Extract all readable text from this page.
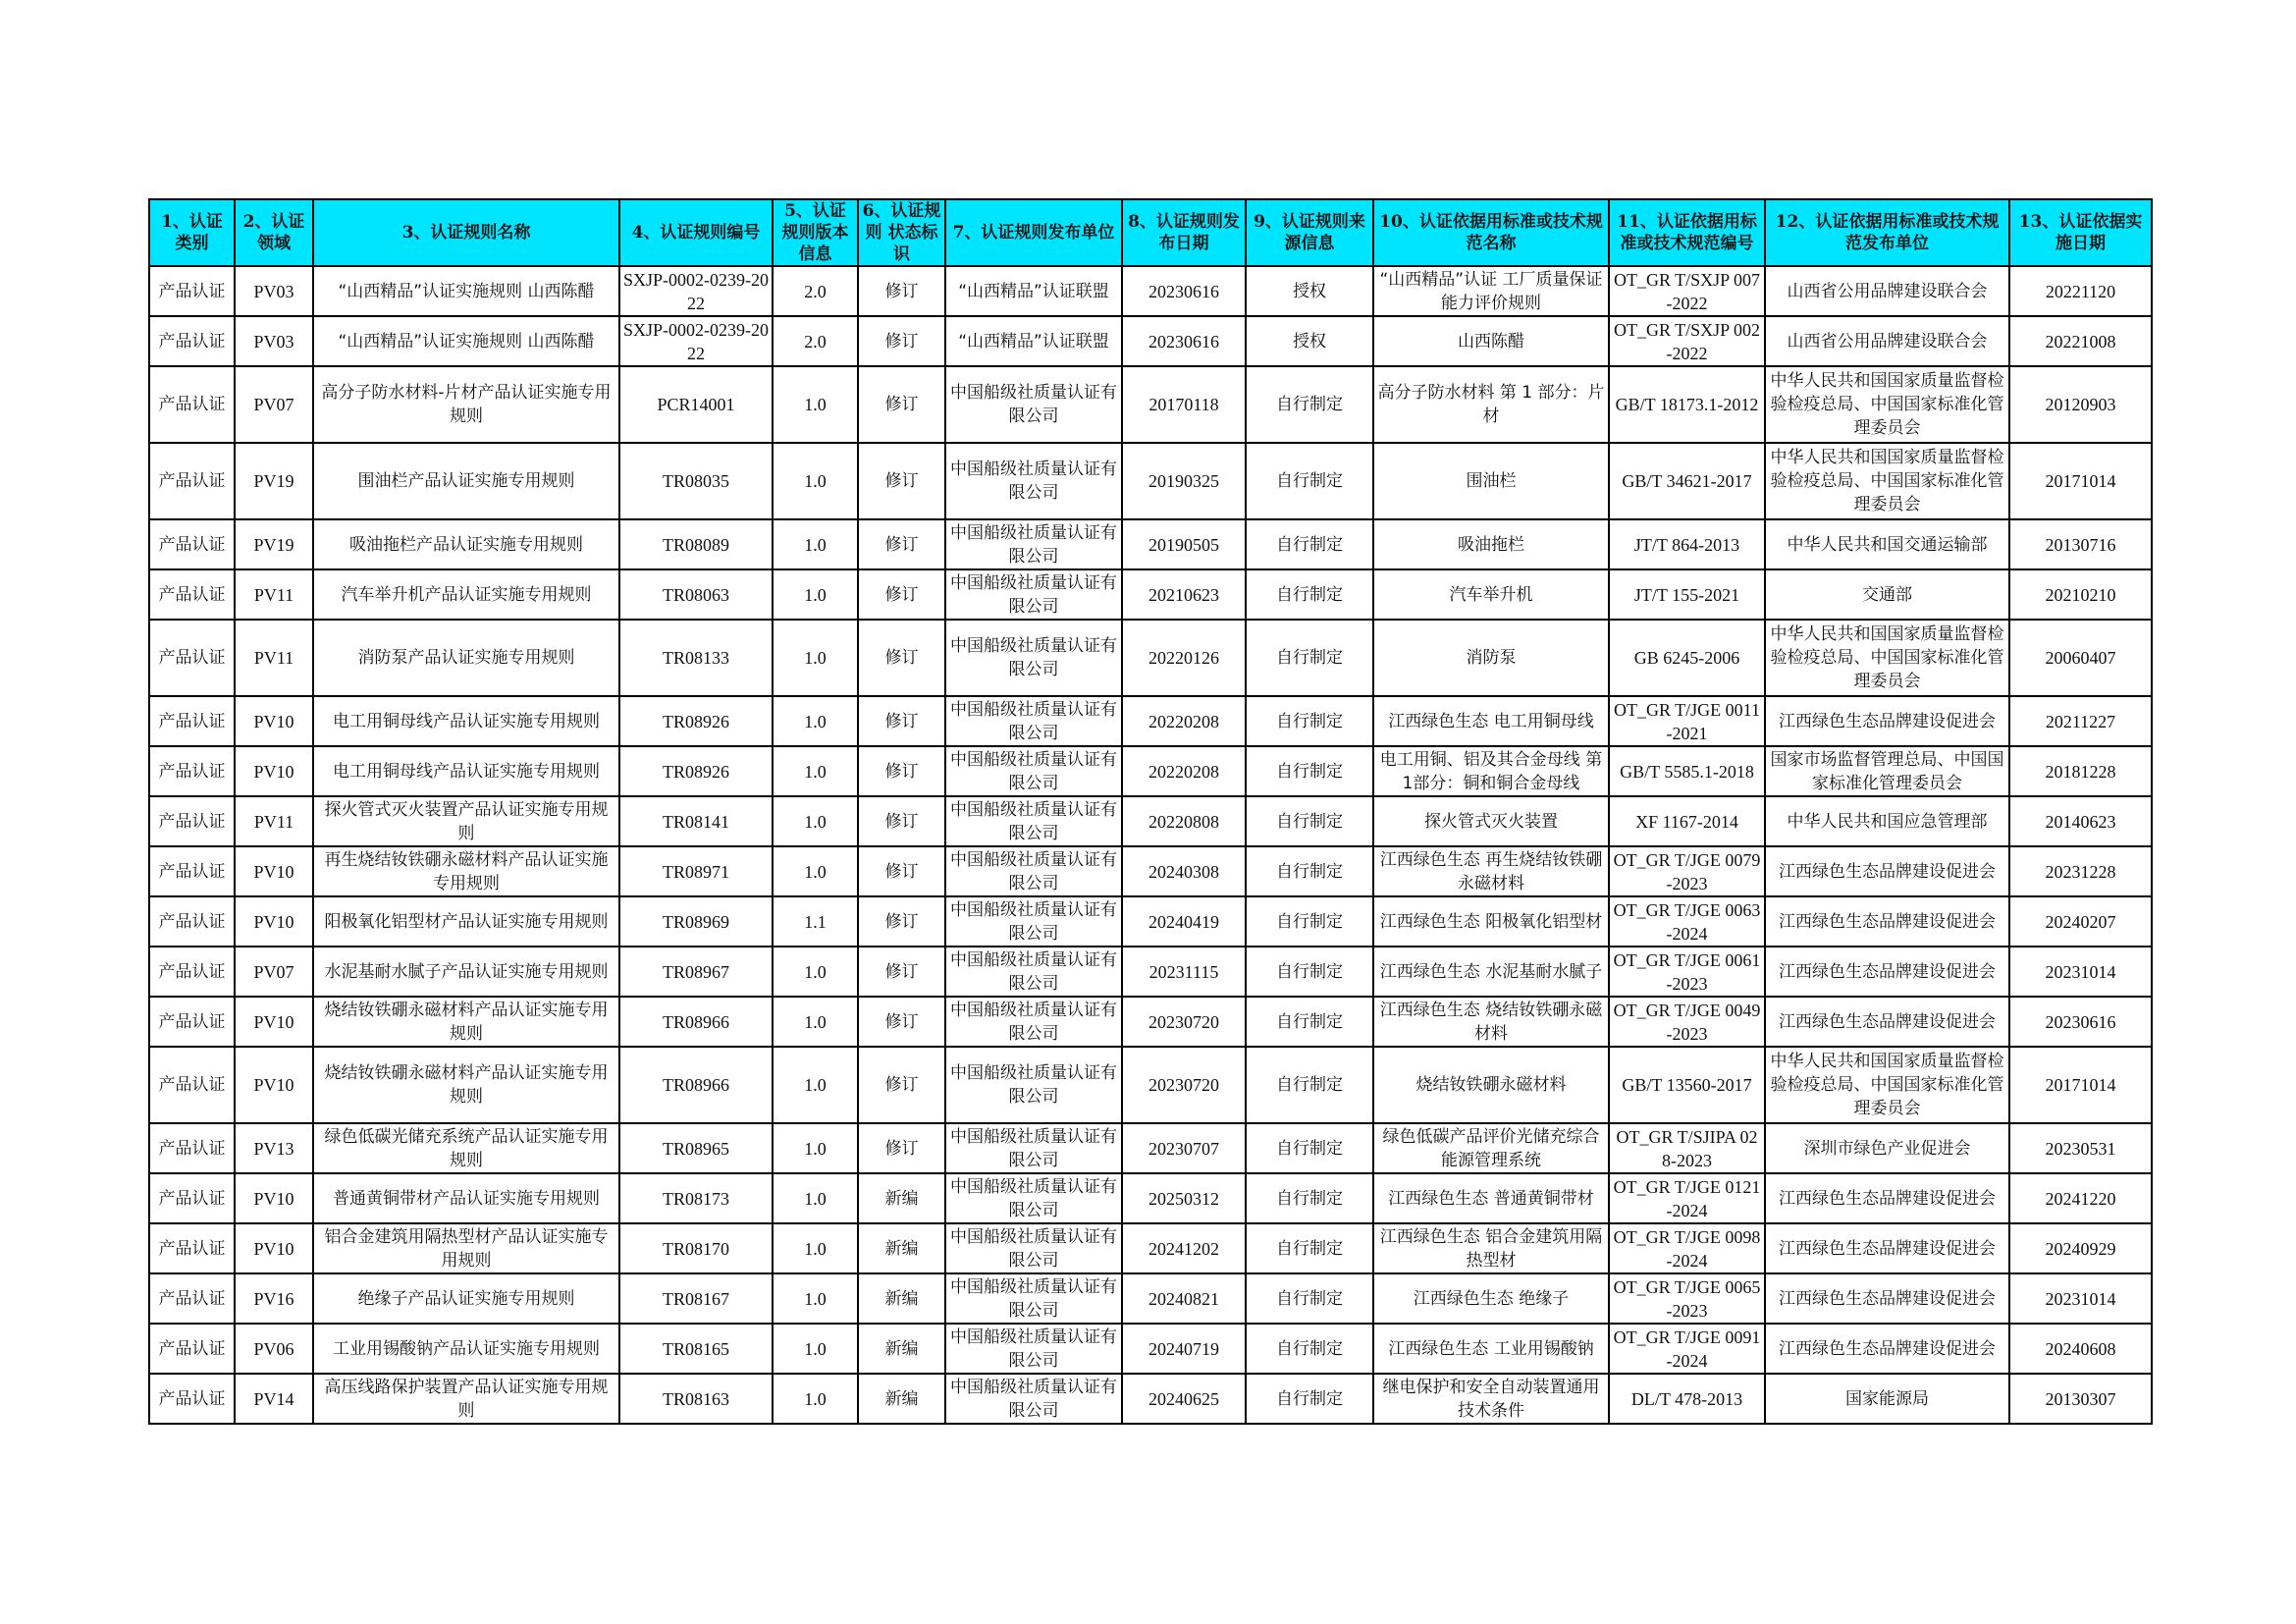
1、认证类别	2、认证领域	3、认证规则名称	4、认证规则编号	5、认证规则版本信息	6、认证规则 状态标识	7、认证规则发布单位	8、认证规则发布日期	9、认证规则来源信息	10、认证依据用标准或技术规范名称	11、认证依据用标准或技术规范编号	12、认证依据用标准或技术规范发布单位	13、认证依据实施日期
产品认证	PV03	“山西精品”认证实施规则 山西陈醋	SXJP-0002-0239-2022	2.0	修订	“山西精品”认证联盟	20230616	授权	“山西精品”认证 工厂质量保证能力评价规则	OT_GR T/SXJP 007-2022	山西省公用品牌建设联合会	20221120
产品认证	PV03	“山西精品”认证实施规则 山西陈醋	SXJP-0002-0239-2022	2.0	修订	“山西精品”认证联盟	20230616	授权	山西陈醋	OT_GR T/SXJP 002-2022	山西省公用品牌建设联合会	20221008
产品认证	PV07	高分子防水材料-片材产品认证实施专用规则	PCR14001	1.0	修订	中国船级社质量认证有限公司	20170118	自行制定	高分子防水材料 第 1 部分：片材	GB/T 18173.1-2012	中华人民共和国国家质量监督检验检疫总局、中国国家标准化管理委员会	20120903
产品认证	PV19	围油栏产品认证实施专用规则	TR08035	1.0	修订	中国船级社质量认证有限公司	20190325	自行制定	围油栏	GB/T 34621-2017	中华人民共和国国家质量监督检验检疫总局、中国国家标准化管理委员会	20171014
产品认证	PV19	吸油拖栏产品认证实施专用规则	TR08089	1.0	修订	中国船级社质量认证有限公司	20190505	自行制定	吸油拖栏	JT/T 864-2013	中华人民共和国交通运输部	20130716
产品认证	PV11	汽车举升机产品认证实施专用规则	TR08063	1.0	修订	中国船级社质量认证有限公司	20210623	自行制定	汽车举升机	JT/T 155-2021	交通部	20210210
产品认证	PV11	消防泵产品认证实施专用规则	TR08133	1.0	修订	中国船级社质量认证有限公司	20220126	自行制定	消防泵	GB 6245-2006	中华人民共和国国家质量监督检验检疫总局、中国国家标准化管理委员会	20060407
产品认证	PV10	电工用铜母线产品认证实施专用规则	TR08926	1.0	修订	中国船级社质量认证有限公司	20220208	自行制定	江西绿色生态 电工用铜母线	OT_GR T/JGE 0011-2021	江西绿色生态品牌建设促进会	20211227
产品认证	PV10	电工用铜母线产品认证实施专用规则	TR08926	1.0	修订	中国船级社质量认证有限公司	20220208	自行制定	电工用铜、铝及其合金母线 第1部分：铜和铜合金母线	GB/T 5585.1-2018	国家市场监督管理总局、中国国家标准化管理委员会	20181228
产品认证	PV11	探火管式灭火装置产品认证实施专用规则	TR08141	1.0	修订	中国船级社质量认证有限公司	20220808	自行制定	探火管式灭火装置	XF 1167-2014	中华人民共和国应急管理部	20140623
产品认证	PV10	再生烧结钕铁硼永磁材料产品认证实施专用规则	TR08971	1.0	修订	中国船级社质量认证有限公司	20240308	自行制定	江西绿色生态 再生烧结钕铁硼永磁材料	OT_GR T/JGE 0079-2023	江西绿色生态品牌建设促进会	20231228
产品认证	PV10	阳极氧化铝型材产品认证实施专用规则	TR08969	1.1	修订	中国船级社质量认证有限公司	20240419	自行制定	江西绿色生态 阳极氧化铝型材	OT_GR T/JGE 0063-2024	江西绿色生态品牌建设促进会	20240207
产品认证	PV07	水泥基耐水腻子产品认证实施专用规则	TR08967	1.0	修订	中国船级社质量认证有限公司	20231115	自行制定	江西绿色生态 水泥基耐水腻子	OT_GR T/JGE 0061-2023	江西绿色生态品牌建设促进会	20231014
产品认证	PV10	烧结钕铁硼永磁材料产品认证实施专用规则	TR08966	1.0	修订	中国船级社质量认证有限公司	20230720	自行制定	江西绿色生态 烧结钕铁硼永磁材料	OT_GR T/JGE 0049-2023	江西绿色生态品牌建设促进会	20230616
产品认证	PV10	烧结钕铁硼永磁材料产品认证实施专用规则	TR08966	1.0	修订	中国船级社质量认证有限公司	20230720	自行制定	烧结钕铁硼永磁材料	GB/T 13560-2017	中华人民共和国国家质量监督检验检疫总局、中国国家标准化管理委员会	20171014
产品认证	PV13	绿色低碳光储充系统产品认证实施专用规则	TR08965	1.0	修订	中国船级社质量认证有限公司	20230707	自行制定	绿色低碳产品评价光储充综合能源管理系统	OT_GR T/SJIPA 028-2023	深圳市绿色产业促进会	20230531
产品认证	PV10	普通黄铜带材产品认证实施专用规则	TR08173	1.0	新编	中国船级社质量认证有限公司	20250312	自行制定	江西绿色生态 普通黄铜带材	OT_GR T/JGE 0121-2024	江西绿色生态品牌建设促进会	20241220
产品认证	PV10	铝合金建筑用隔热型材产品认证实施专用规则	TR08170	1.0	新编	中国船级社质量认证有限公司	20241202	自行制定	江西绿色生态 铝合金建筑用隔热型材	OT_GR T/JGE 0098-2024	江西绿色生态品牌建设促进会	20240929
产品认证	PV16	绝缘子产品认证实施专用规则	TR08167	1.0	新编	中国船级社质量认证有限公司	20240821	自行制定	江西绿色生态 绝缘子	OT_GR T/JGE 0065-2023	江西绿色生态品牌建设促进会	20231014
产品认证	PV06	工业用锡酸钠产品认证实施专用规则	TR08165	1.0	新编	中国船级社质量认证有限公司	20240719	自行制定	江西绿色生态 工业用锡酸钠	OT_GR T/JGE 0091-2024	江西绿色生态品牌建设促进会	20240608
产品认证	PV14	高压线路保护装置产品认证实施专用规则	TR08163	1.0	新编	中国船级社质量认证有限公司	20240625	自行制定	继电保护和安全自动装置通用技术条件	DL/T 478-2013	国家能源局	20130307
